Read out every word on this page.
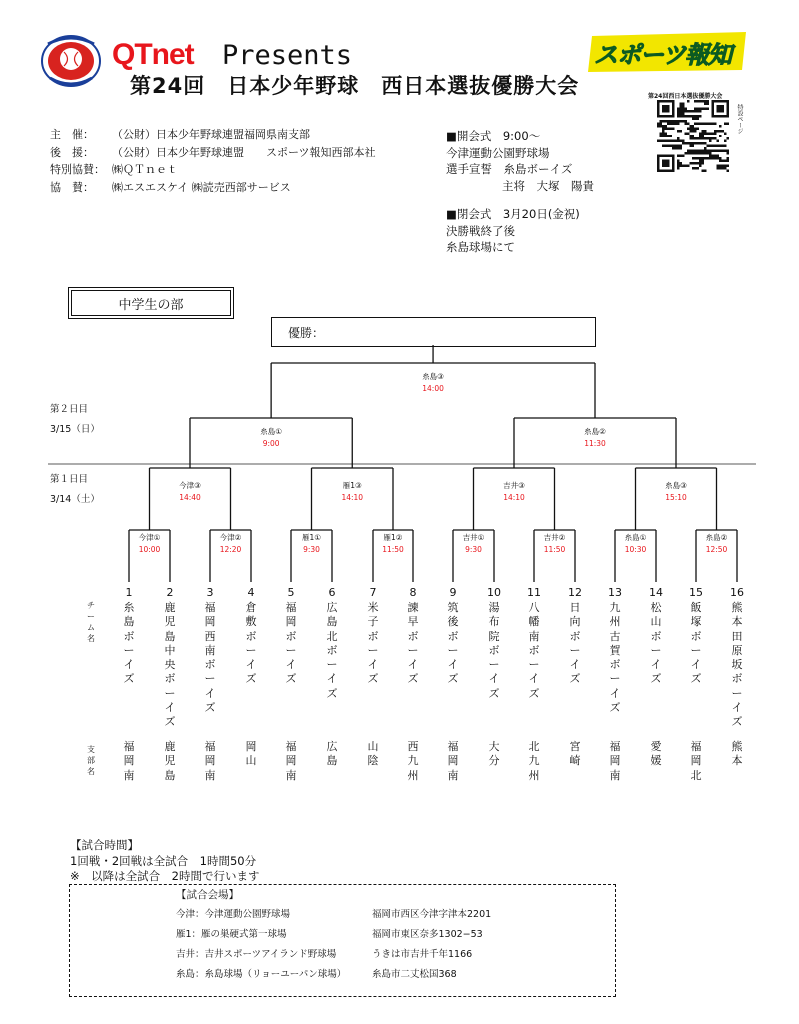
QTnet Presents
第24回　日本少年野球　西日本選抜優勝大会
スポーツ報知
第24回西日本選抜優勝大会
特設ページ
主　催： （公財）日本少年野球連盟福岡県南支部
後　援： （公財）日本少年野球連盟　　スポーツ報知西部本社
特別協賛： ㈱ＱＴｎｅｔ
協　賛： ㈱エスエスケイ ㈱読売西部サービス
■開会式　9:00～
今津運動公園野球場
選手宣誓　糸島ボーイズ
主将　大塚　陽貴
■閉会式　3月20日(金祝)
決勝戦終了後
糸島球場にて
中学生の部
優勝：
第２日目
3/15（日）
第１日目
3/14（土）
今津①
10:00
今津②
12:20
雁1①
9:30
雁1②
11:50
吉井①
9:30
吉井②
11:50
糸島①
10:30
糸島②
12:50
今津③
14:40
雁1③
14:10
吉井③
14:10
糸島③
15:10
糸島①
9:00
糸島②
11:30
糸島③
14:00
チーム名
支部名
1
糸島ボーイズ
福岡南
2
鹿児島中央ボーイズ
鹿児島
3
福岡西南ボーイズ
福岡南
4
倉敷ボーイズ
岡山
5
福岡ボーイズ
福岡南
6
広島北ボーイズ
広島
7
米子ボーイズ
山陰
8
諫早ボーイズ
西九州
9
筑後ボーイズ
福岡南
10
湯布院ボーイズ
大分
11
八幡南ボーイズ
北九州
12
日向ボーイズ
宮崎
13
九州古賀ボーイズ
福岡南
14
松山ボーイズ
愛媛
15
飯塚ボーイズ
福岡北
16
熊本田原坂ボーイズ
熊本
【試合時間】
1回戦・2回戦は全試合　1時間50分
※　以降は全試合　2時間で行います
【試合会場】
今津：今津運動公園野球場
雁1：雁の巣硬式第一球場
吉井：吉井スポーツアイランド野球場
糸島：糸島球場（リョーユーパン球場）
福岡市西区今津字津本2201
福岡市東区奈多1302−53
うきは市吉井千年1166
糸島市二丈松国368
